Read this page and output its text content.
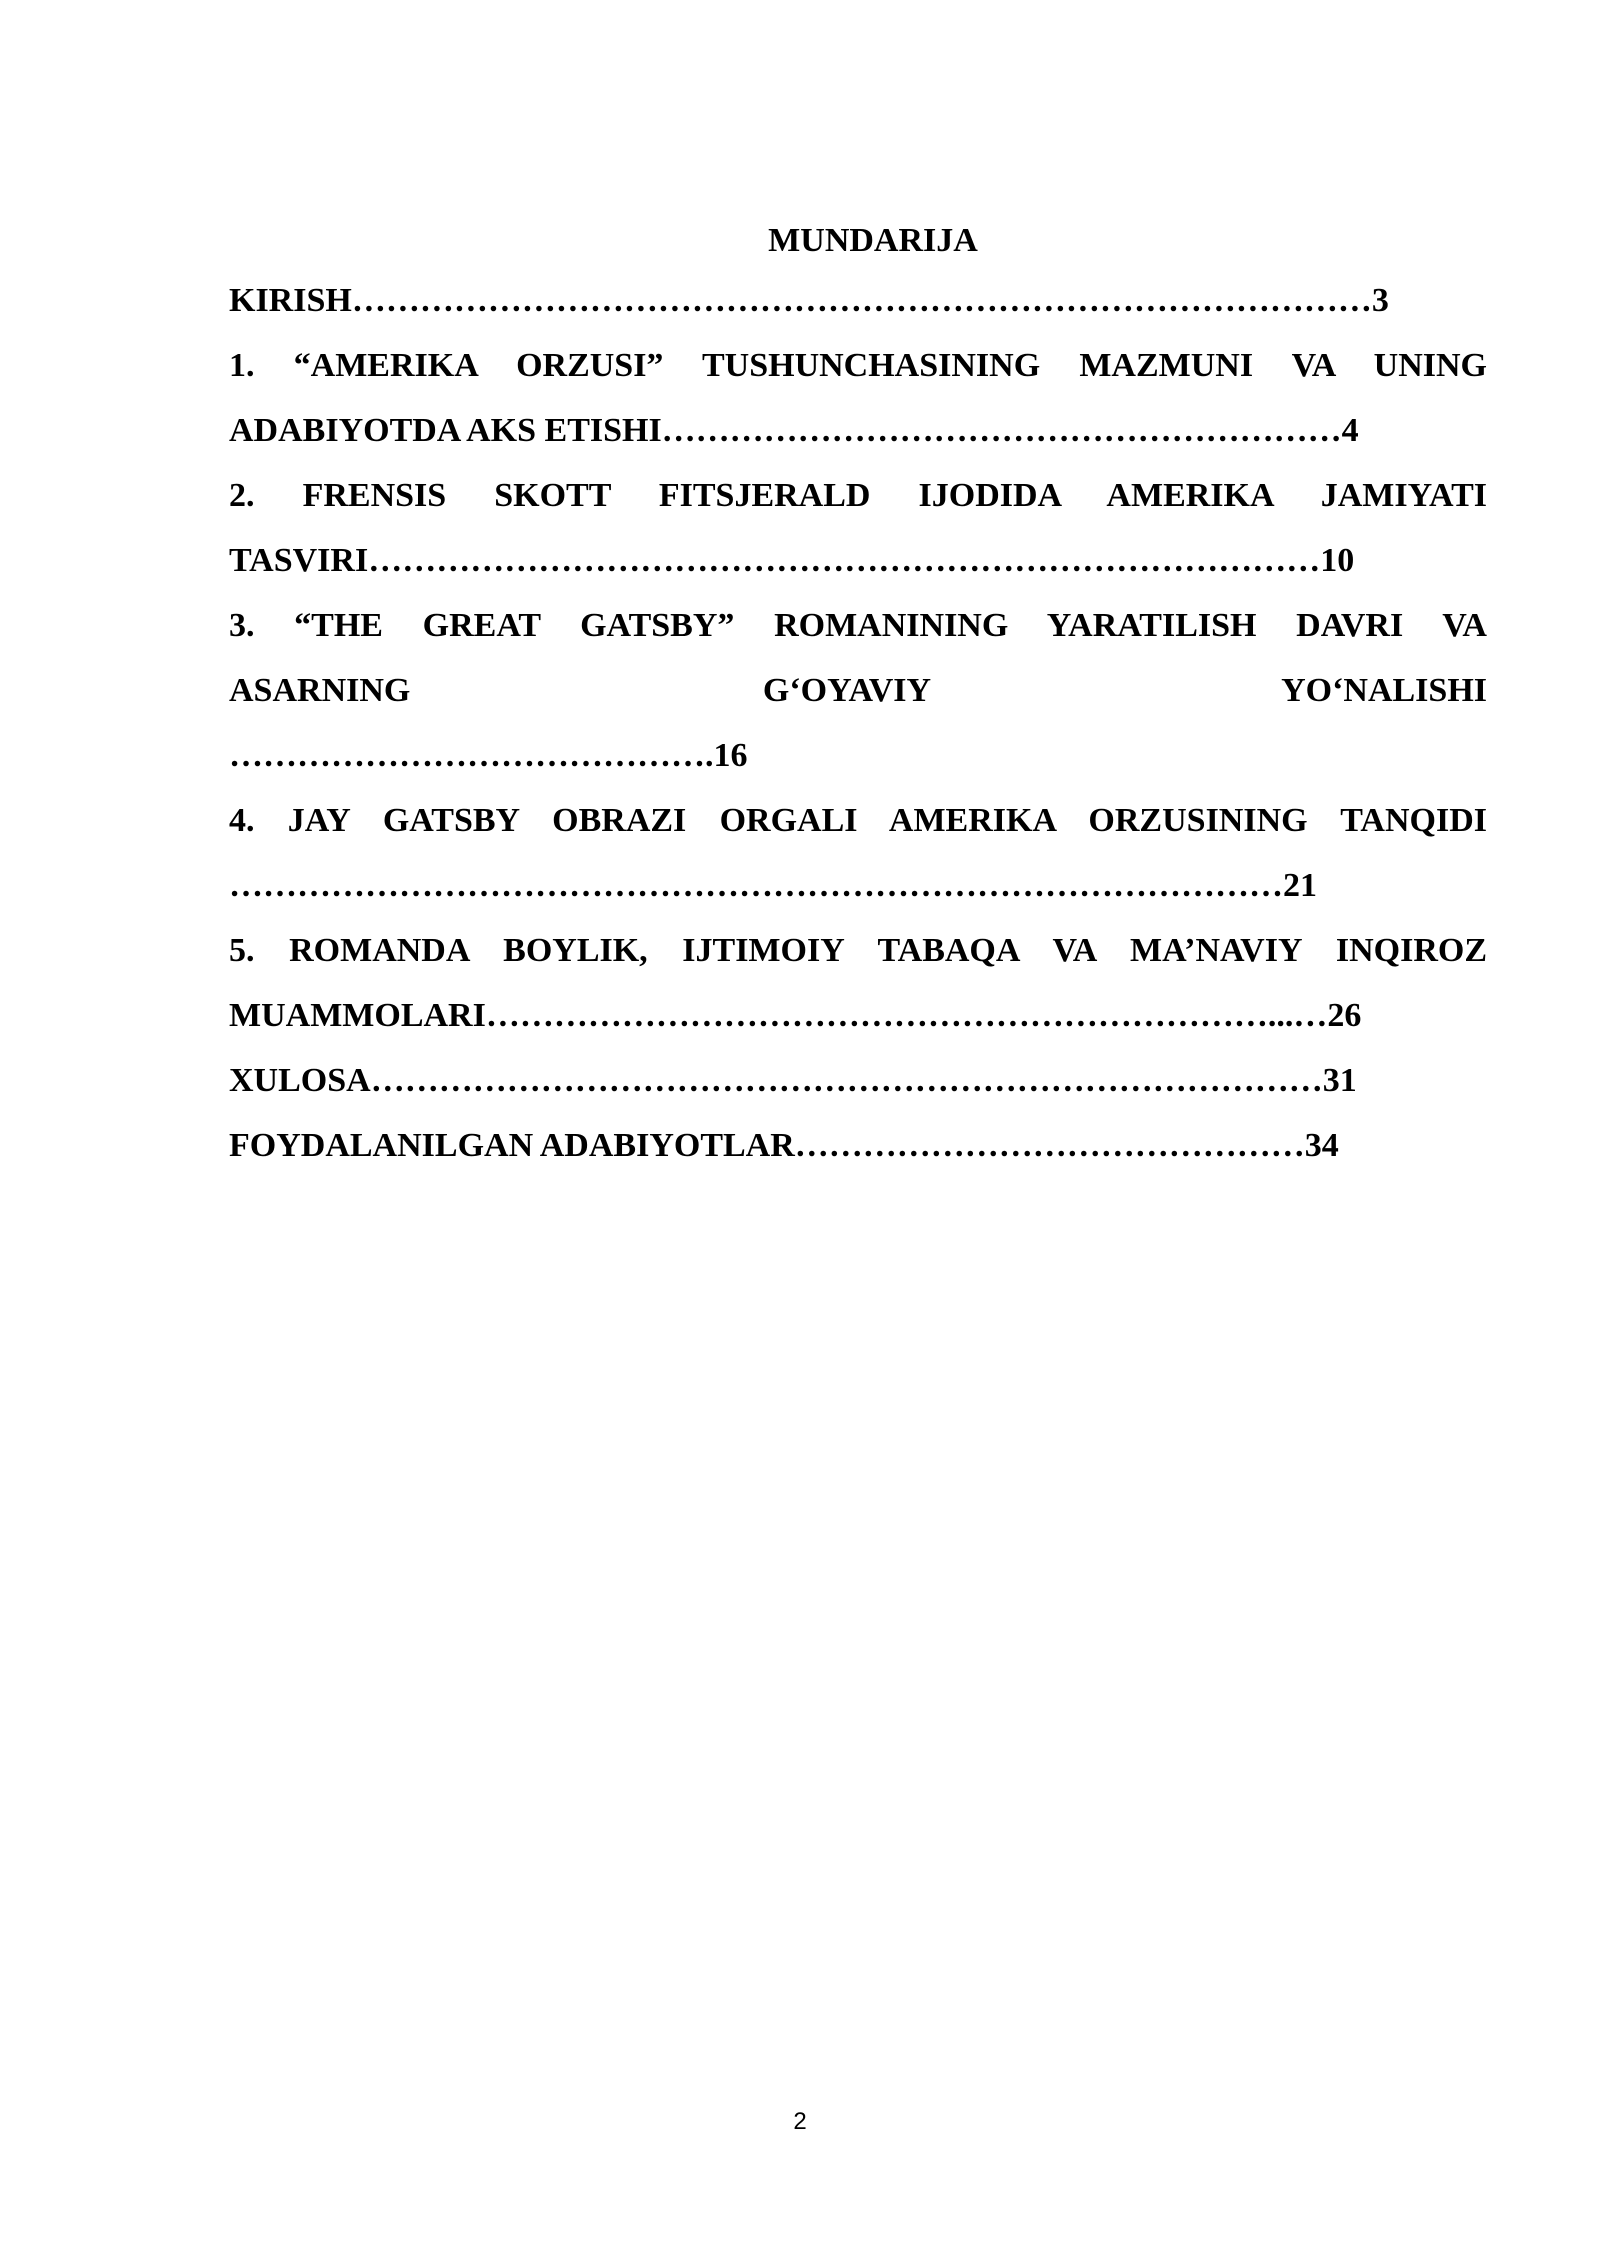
MUNDARIJA

KIRISH………………………………………………………………………………3

1. “AMERIKA ORZUSI” TUSHUNCHASINING MAZMUNI VA UNING

ADABIYOTDA AKS ETISHI……………………………………………………4

2. FRENSIS SKOTT FITSJERALD IJODIDA AMERIKA JAMIYATI

TASVIRI…………………………………………………………………………10

3. “THE GREAT GATSBY” ROMANINING YARATILISH DAVRI VA

ASARNING G‘OYAVIY YO‘NALISHI

…………………………………….16

4. JAY GATSBY OBRAZI ORGALI AMERIKA ORZUSINING TANQIDI

…………………………………………………………………………………21

5. ROMANDA BOYLIK, IJTIMOIY TABAQA VA MA’NAVIY INQIROZ

MUAMMOLARI……………………………………………………………...…26

XULOSA…………………………………………………………………………31

FOYDALANILGAN ADABIYOTLAR………………………………………34

2
